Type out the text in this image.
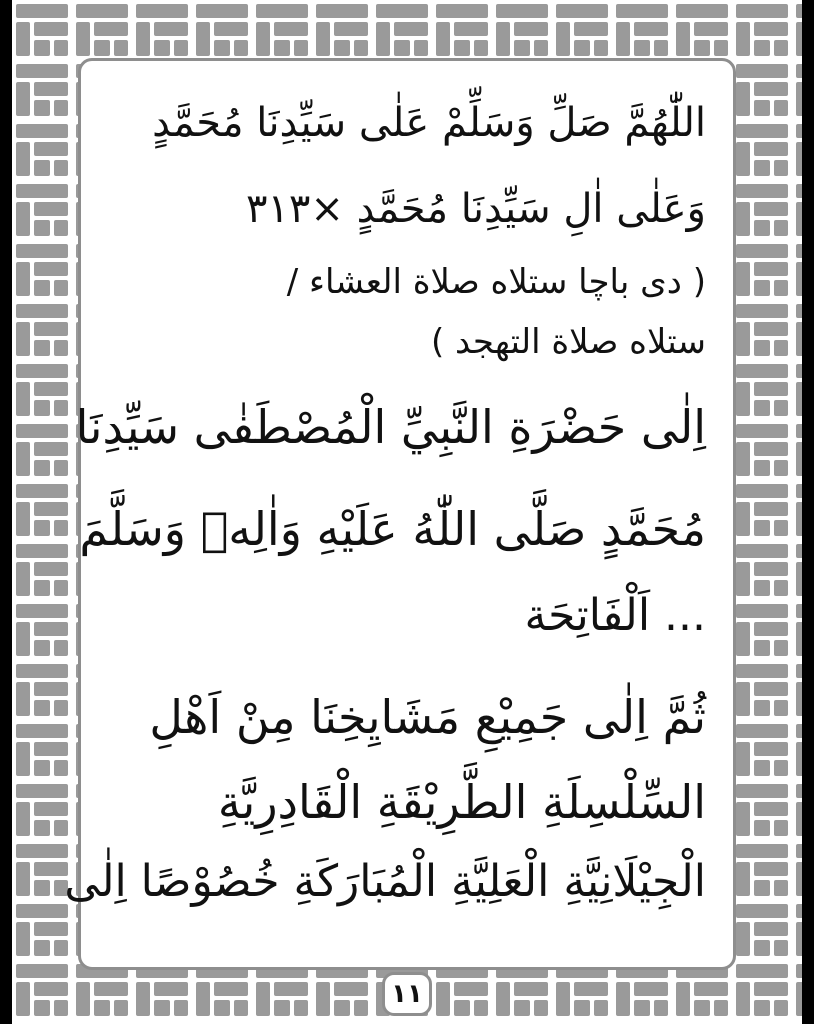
اللّٰهُمَّ صَلِّ وَسَلِّمْ عَلٰى سَيِّدِنَا مُحَمَّدٍ
وَعَلٰى اٰلِ سَيِّدِنَا مُحَمَّدٍ ×٣١٣
( دى باچا ستلاه صلاة العشاء /
ستلاه صلاة التهجد )
اِلٰى حَضْرَةِ النَّبِيِّ الْمُصْطَفٰى سَيِّدِنَا
مُحَمَّدٍ صَلَّى اللّٰهُ عَلَيْهِ وَاٰلِهٖ وَسَلَّمَ
... اَلْفَاتِحَة
ثُمَّ اِلٰى جَمِيْعِ مَشَايِخِنَا مِنْ اَهْلِ
السِّلْسِلَةِ الطَّرِيْقَةِ الْقَادِرِيَّةِ
الْجِيْلَانِيَّةِ الْعَلِيَّةِ الْمُبَارَكَةِ خُصُوْصًا اِلٰى
١١
